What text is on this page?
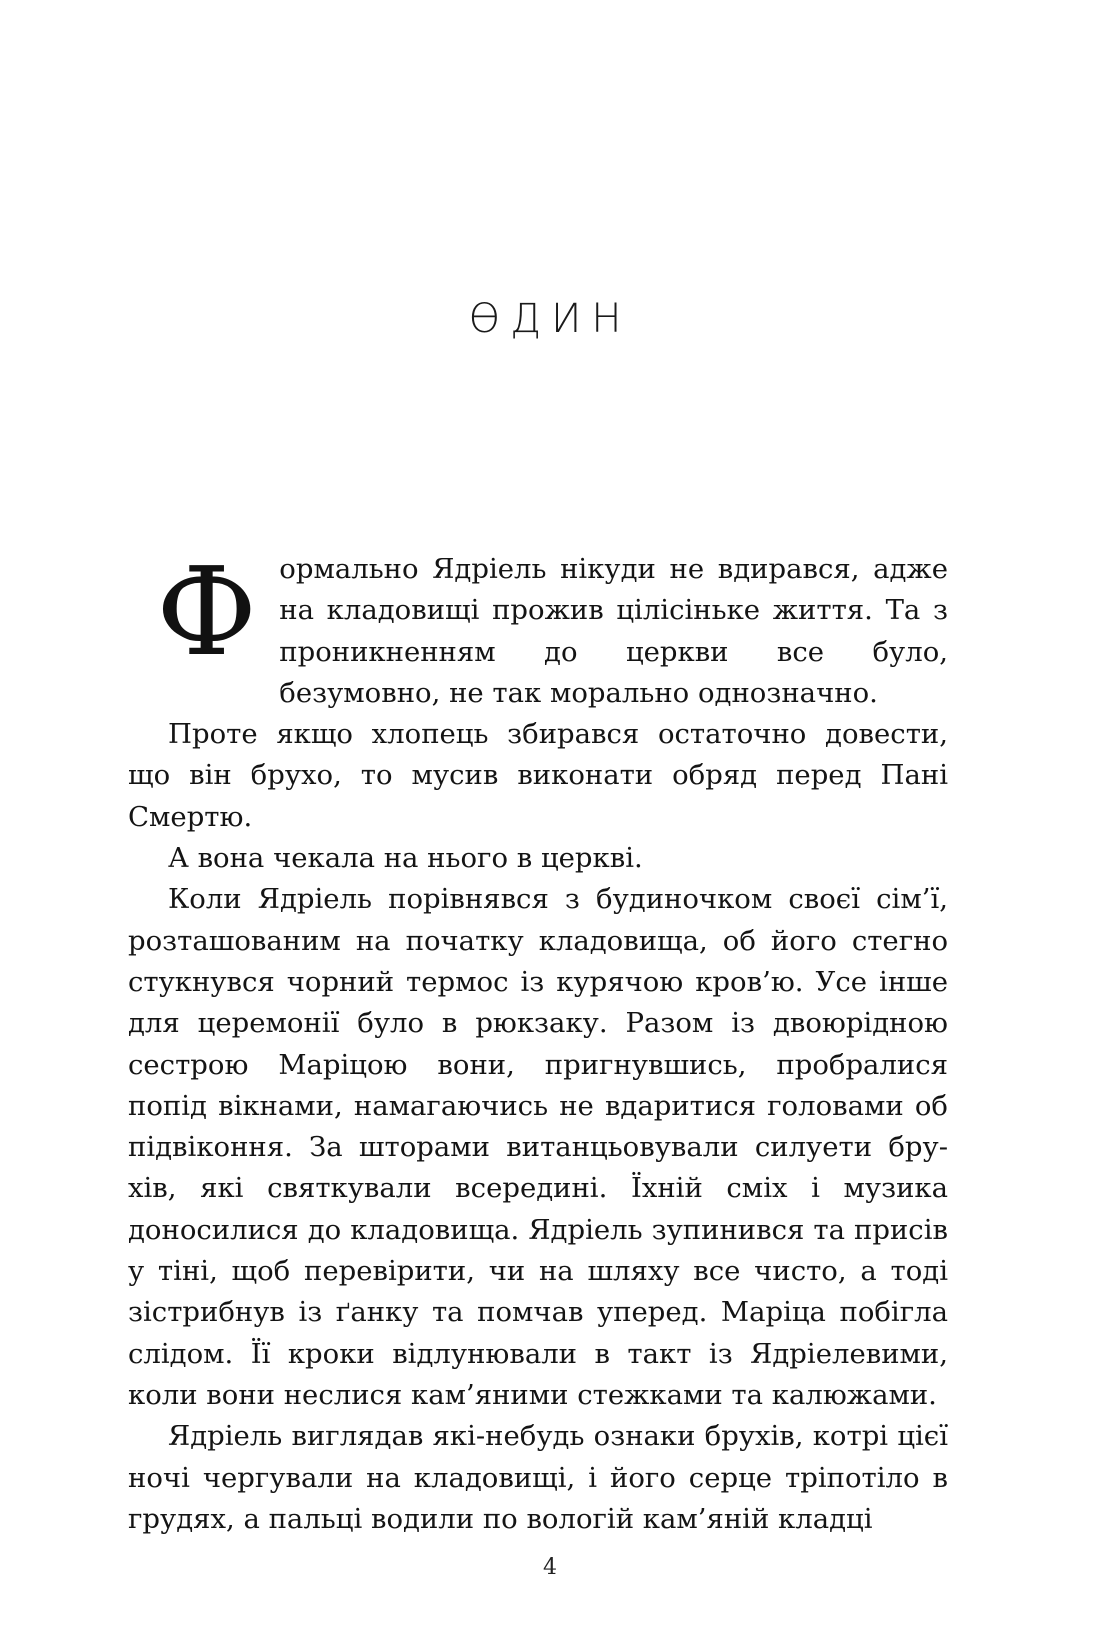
ѲДИН

Формально Ядріель нікуди не вдирався, адже на кладовищі прожив цілісіньке життя. Та з проникненням до церкви все було, безумовно, не так морально однозначно.

Проте якщо хлопець збирався остаточно довести, що він брухо, то мусив виконати обряд перед Пані Смертю.

А вона чекала на нього в церкві.

Коли Ядріель порівнявся з будиночком своєї сім’ї, розташованим на початку кладовища, об його стегно стукнувся чорний термос із курячою кров’ю. Усе інше для церемонії було в рюкзаку. Разом із двоюрідною сестрою Маріцою вони, пригнувшись, пробралися попід вікнами, намагаючись не вдаритися головами об підвіконня. За шторами витанцьовували силуети брухів, які святкували всередині. Їхній сміх і музика доносилися до кладовища. Ядріель зупинився та присів у тіні, щоб перевірити, чи на шляху все чисто, а тоді зістрибнув із ґанку та помчав уперед. Маріца побігла слідом. Її кроки відлунювали в такт із Ядріелевими, коли вони неслися кам’яними стежками та калюжами.

Ядріель виглядав які-небудь ознаки брухів, котрі цієї ночі чергували на кладовищі, і його серце тріпотіло в грудях, а пальці водили по вологій кам’яній кладці

4
